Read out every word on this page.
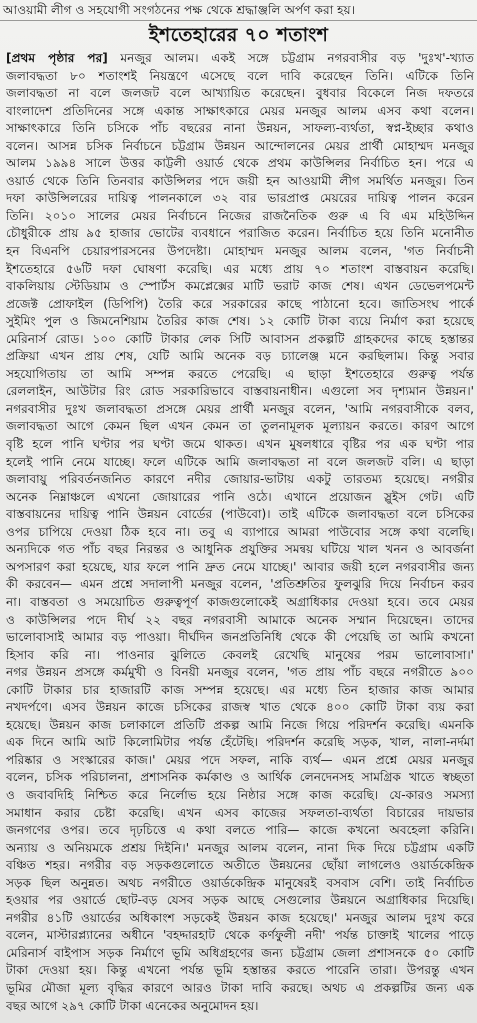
আওয়ামী লীগ ও সহযোগী সংগঠনের পক্ষ থেকে শ্রদ্ধাঞ্জলি অর্পণ করা হয়।
ইশতেহারের ৭০ শতাংশ
[প্রথম পৃষ্ঠার পর] মনজুর আলম। একই সঙ্গে চট্টগ্রাম নগরবাসীর বড় 'দুঃখ'-খ্যাত
জলাবদ্ধতা ৮০ শতাংশই নিয়ন্ত্রণে এসেছে বলে দাবি করেছেন তিনি। এটিকে তিনি
জলাবদ্ধতা না বলে জলজট বলে আখ্যায়িত করেছেন। বুধবার বিকেলে নিজ দফতরে
বাংলাদেশ প্রতিদিনের সঙ্গে একান্ত সাক্ষাৎকারে মেয়র মনজুর আলম এসব কথা বলেন।
সাক্ষাৎকারে তিনি চসিকে পাঁচ বছরের নানা উন্নয়ন, সাফল্য-ব্যর্থতা, স্বপ্ন-ইচ্ছার কথাও
বলেন। আসন্ন চসিক নির্বাচনে চট্টগ্রাম উন্নয়ন আন্দোলনের মেয়র প্রার্থী মোহাম্মদ মনজুর
আলম ১৯৯৪ সালে উত্তর কাট্টলী ওয়ার্ড থেকে প্রথম কাউন্সিলর নির্বাচিত হন। পরে এ
ওয়ার্ড থেকে তিনি তিনবার কাউন্সিলর পদে জয়ী হন আওয়ামী লীগ সমর্থিত মনজুর। তিন
দফা কাউন্সিলরের দায়িত্ব পালনকালে ৩২ বার ভারপ্রাপ্ত মেয়রের দায়িত্ব পালন করেন
তিনি। ২০১০ সালের মেয়র নির্বাচনে নিজের রাজনৈতিক গুরু এ বি এম মহিউদ্দিন
চৌধুরীকে প্রায় ৯৫ হাজার ভোটের ব্যবধানে পরাজিত করেন। নির্বাচিত হয়ে তিনি মনোনীত
হন বিএনপি চেয়ারপারসনের উপদেষ্টা। মোহাম্মদ মনজুর আলম বলেন, 'গত নির্বাচনী
ইশতেহারে ৫৬টি দফা ঘোষণা করেছি। এর মধ্যে প্রায় ৭০ শতাংশ বাস্তবায়ন করেছি।
বাকলিয়ায় স্টেডিয়াম ও স্পোর্টস কমপ্লেক্সের মাটি ভরাট কাজ শেষ। এখন ডেভেলপমেন্ট
প্রজেক্ট প্রোফাইল (ডিপিপি) তৈরি করে সরকারের কাছে পাঠানো হবে। জাতিসংঘ পার্কে
সুইমিং পুল ও জিমনেশিয়াম তৈরির কাজ শেষ। ১২ কোটি টাকা ব্যয়ে নির্মাণ করা হয়েছে
মেরিনার্স রোড। ১০০ কোটি টাকার লেক সিটি আবাসন প্রকল্পটি গ্রাহকদের কাছে হস্তান্তর
প্রক্রিয়া এখন প্রায় শেষ, যেটি আমি অনেক বড় চ্যালেঞ্জ মনে করছিলাম। কিন্তু সবার
সহযোগিতায় তা আমি সম্পন্ন করতে পেরেছি। এ ছাড়া ইশতেহারে গুরুত্ব পর্যন্ত
রেললাইন, আউটার রিং রোড সরকারিভাবে বাস্তবায়নাধীন। এগুলো সব দৃশ্যমান উন্নয়ন।'
নগরবাসীর দুঃখ জলাবদ্ধতা প্রসঙ্গে মেয়র প্রার্থী মনজুর বলেন, 'আমি নগরবাসীকে বলব,
জলাবদ্ধতা আগে কেমন ছিল এখন কেমন তা তুলনামূলক মূল্যায়ন করতে। কারণ আগে
বৃষ্টি হলে পানি ঘণ্টার পর ঘণ্টা জমে থাকত। এখন মুষলধারে বৃষ্টির পর এক ঘণ্টা পার
হলেই পানি নেমে যাচ্ছে। ফলে এটিকে আমি জলাবদ্ধতা না বলে জলজট বলি। এ ছাড়া
জলাবায়ু পরিবর্তনজনিত কারণে নদীর জোয়ার-ভাটায় একটু তারতম্য হয়েছে। নগরীর
অনেক নিম্নাঞ্চলে এখনো জোয়ারের পানি ওঠে। এখানে প্রয়োজন স্লুইস গেট। এটি
বাস্তবায়নের দায়িত্ব পানি উন্নয়ন বোর্ডের (পাউবো)। তাই এটিকে জলাবদ্ধতা বলে চসিকের
ওপর চাপিয়ে দেওয়া ঠিক হবে না। তবু এ ব্যাপারে আমরা পাউবোর সঙ্গে কথা বলেছি।
অন্যদিকে গত পাঁচ বছর নিরন্তর ও আধুনিক প্রযুক্তির সমন্বয় ঘটিয়ে খাল খনন ও আবর্জনা
অপসারণ করা হয়েছে, যার ফলে পানি দ্রুত নেমে যাচ্ছে।' আবার জয়ী হলে নগরবাসীর জন্য
কী করবেন— এমন প্রশ্নে সদালাপী মনজুর বলেন, 'প্রতিশ্রুতির ফুলঝুরি দিয়ে নির্বাচন করব
না। বাস্তবতা ও সময়োচিত গুরুত্বপূর্ণ কাজগুলোকেই অগ্রাধিকার দেওয়া হবে। তবে মেয়র
ও কাউন্সিলর পদে দীর্ঘ ২২ বছর নগরবাসী আমাকে অনেক সম্মান দিয়েছেন। তাদের
ভালোবাসাই আমার বড় পাওয়া। দীর্ঘদিন জনপ্রতিনিধি থেকে কী পেয়েছি তা আমি কখনো
হিসাব করি না। পাওনার ঝুলিতে কেবলই রেখেছি মানুষের পরম ভালোবাসা।'
নগর উন্নয়ন প্রসঙ্গে কর্মমুখী ও বিনয়ী মনজুর বলেন, 'গত প্রায় পাঁচ বছরে নগরীতে ৯০০
কোটি টাকার চার হাজারটি কাজ সম্পন্ন হয়েছে। এর মধ্যে তিন হাজার কাজ আমার
নখদর্পণে। এসব উন্নয়ন কাজে চসিকের রাজস্ব খাত থেকে ৪০০ কোটি টাকা ব্যয় করা
হয়েছে। উন্নয়ন কাজ চলাকালে প্রতিটি প্রকল্প আমি নিজে গিয়ে পরিদর্শন করেছি। এমনকি
এক দিনে আমি আট কিলোমিটার পর্যন্ত হেঁটেছি। পরিদর্শন করেছি সড়ক, খাল, নালা-নর্দমা
পরিষ্কার ও সংস্কারের কাজ।' মেয়র পদে সফল, নাকি ব্যর্থ— এমন প্রশ্নে মেয়র মনজুর
বলেন, চসিক পরিচালনা, প্রশাসনিক কর্মকাণ্ড ও আর্থিক লেনদেনসহ সামগ্রিক খাতে স্বচ্ছতা
ও জবাবদিহি নিশ্চিত করে নির্লোভ হয়ে নিষ্ঠার সঙ্গে কাজ করেছি। যে-কারও সমস্যা
সমাধান করার চেষ্টা করেছি। এখন এসব কাজের সফলতা-ব্যর্থতা বিচারের দায়ভার
জনগণের ওপর। তবে দৃঢ়চিত্তে এ কথা বলতে পারি— কাজে কখনো অবহেলা করিনি।
অন্যায় ও অনিয়মকে প্রশ্রয় দিইনি।' মনজুর আলম বলেন, নানা দিক দিয়ে চট্টগ্রাম একটি
বঞ্চিত শহর। নগরীর বড় সড়কগুলোতে অতীতে উন্নয়নের ছোঁয়া লাগলেও ওয়ার্ডকেন্দ্রিক
সড়ক ছিল অনুন্নত। অথচ নগরীতে ওয়ার্ডকেন্দ্রিক মানুষেরই বসবাস বেশি। তাই নির্বাচিত
হওয়ার পর ওয়ার্ডে ছোট-বড় যেসব সড়ক আছে সেগুলোর উন্নয়নে অগ্রাধিকার দিয়েছি।
নগরীর ৪১টি ওয়ার্ডের অধিকাংশ সড়কেই উন্নয়ন কাজ হয়েছে।' মনজুর আলম দুঃখ করে
বলেন, মাস্টারপ্ল্যানের অধীনে 'বহদ্দারহাট থেকে কর্ণফুলী নদী' পর্যন্ত চাক্তাই খালের পাড়ে
মেরিনার্স বাইপাস সড়ক নির্মাণে ভূমি অধিগ্রহণের জন্য চট্টগ্রাম জেলা প্রশাসনকে ৫০ কোটি
টাকা দেওয়া হয়। কিন্তু এখনো পর্যন্ত ভূমি হস্তান্তর করতে পারেনি তারা। উপরন্তু এখন
ভূমির মৌজা মূল্য বৃদ্ধির কারণে আরও টাকা দাবি করছে। অথচ এ প্রকল্পটির জন্য এক
বছর আগে ২৯৭ কোটি টাকা এনেকের অনুমোদন হয়।
